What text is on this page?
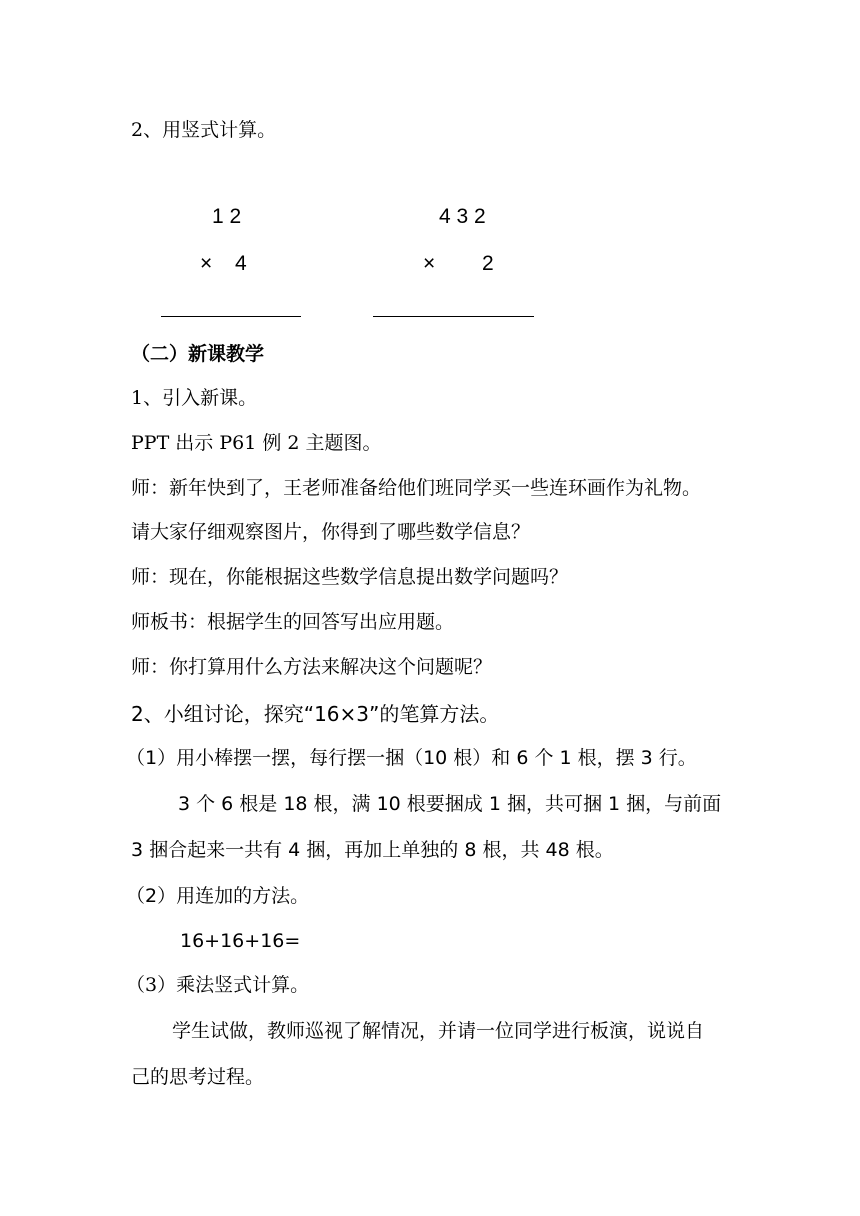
2、用竖式计算。
1 2
× 4
4 3 2
× 2
（二）新课教学
1、引入新课。
PPT 出示 P61 例 2 主题图。
师：新年快到了，王老师准备给他们班同学买一些连环画作为礼物。
请大家仔细观察图片，你得到了哪些数学信息？
师：现在，你能根据这些数学信息提出数学问题吗？
师板书：根据学生的回答写出应用题。
师：你打算用什么方法来解决这个问题呢？
2、小组讨论，探究“16×3”的笔算方法。
（1）用小棒摆一摆，每行摆一捆（10 根）和 6 个 1 根，摆 3 行。
3 个 6 根是 18 根，满 10 根要捆成 1 捆，共可捆 1 捆，与前面
3 捆合起来一共有 4 捆，再加上单独的 8 根，共 48 根。
（2）用连加的方法。
16+16+16=
（3）乘法竖式计算。
学生试做，教师巡视了解情况，并请一位同学进行板演，说说自
己的思考过程。
